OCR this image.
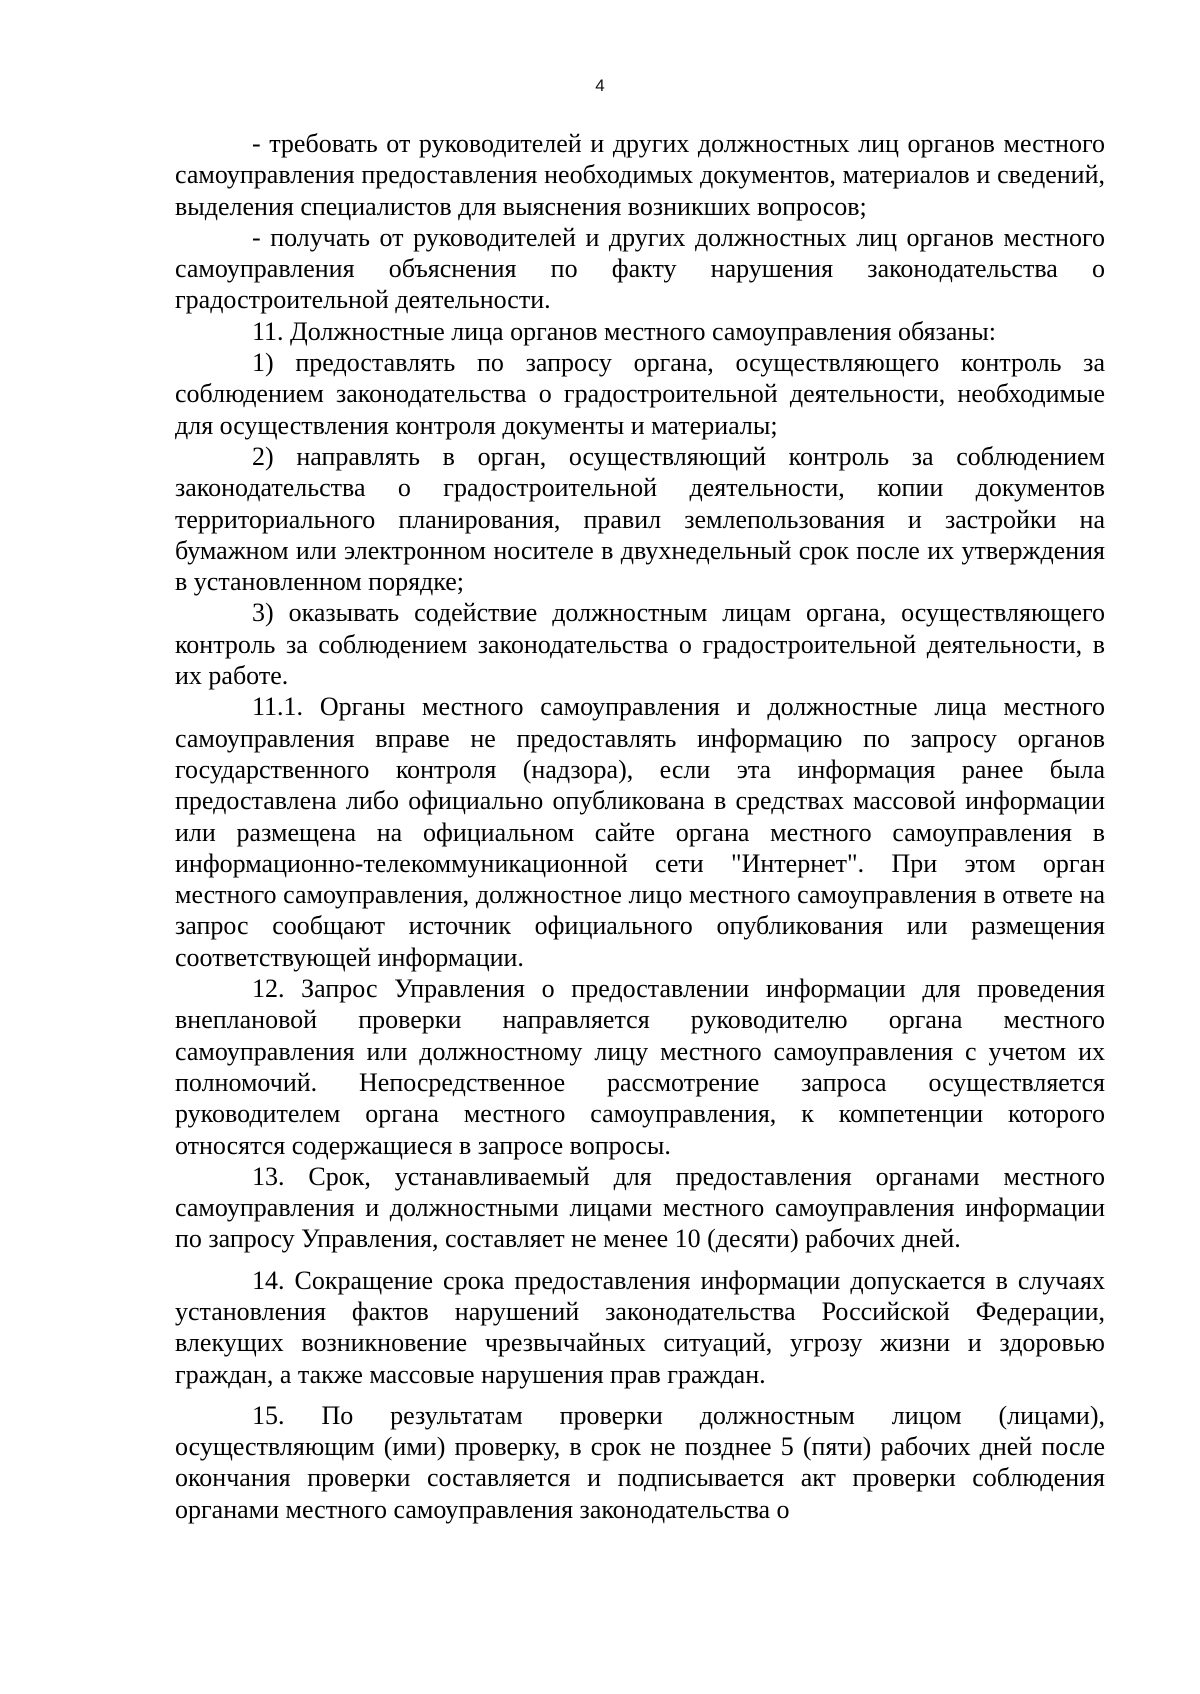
4

- требовать от руководителей и других должностных лиц органов местного самоуправления предоставления необходимых документов, материалов и сведений, выделения специалистов для выяснения возникших вопросов;

- получать от руководителей и других должностных лиц органов местного самоуправления объяснения по факту нарушения законодательства о градостроительной деятельности.

11. Должностные лица органов местного самоуправления обязаны:

1) предоставлять по запросу органа, осуществляющего контроль за соблюдением законодательства о градостроительной деятельности, необходимые для осуществления контроля документы и материалы;

2) направлять в орган, осуществляющий контроль за соблюдением законодательства о градостроительной деятельности, копии документов территориального планирования, правил землепользования и застройки на бумажном или электронном носителе в двухнедельный срок после их утверждения в установленном порядке;

3) оказывать содействие должностным лицам органа, осуществляющего контроль за соблюдением законодательства о градостроительной деятельности, в их работе.

11.1. Органы местного самоуправления и должностные лица местного самоуправления вправе не предоставлять информацию по запросу органов государственного контроля (надзора), если эта информация ранее была предоставлена либо официально опубликована в средствах массовой информации или размещена на официальном сайте органа местного самоуправления в информационно-телекоммуникационной сети "Интернет". При этом орган местного самоуправления, должностное лицо местного самоуправления в ответе на запрос сообщают источник официального опубликования или размещения соответствующей информации.

12. Запрос Управления о предоставлении информации для проведения внеплановой проверки направляется руководителю органа местного самоуправления или должностному лицу местного самоуправления с учетом их полномочий. Непосредственное рассмотрение запроса осуществляется руководителем органа местного самоуправления, к компетенции которого относятся содержащиеся в запросе вопросы.

13. Срок, устанавливаемый для предоставления органами местного самоуправления и должностными лицами местного самоуправления информации по запросу Управления, составляет не менее 10 (десяти) рабочих дней.

14. Сокращение срока предоставления информации допускается в случаях установления фактов нарушений законодательства Российской Федерации, влекущих возникновение чрезвычайных ситуаций, угрозу жизни и здоровью граждан, а также массовые нарушения прав граждан.

15. По результатам проверки должностным лицом (лицами), осуществляющим (ими) проверку, в срок не позднее 5 (пяти) рабочих дней после окончания проверки составляется и подписывается акт проверки соблюдения органами местного самоуправления законодательства о
